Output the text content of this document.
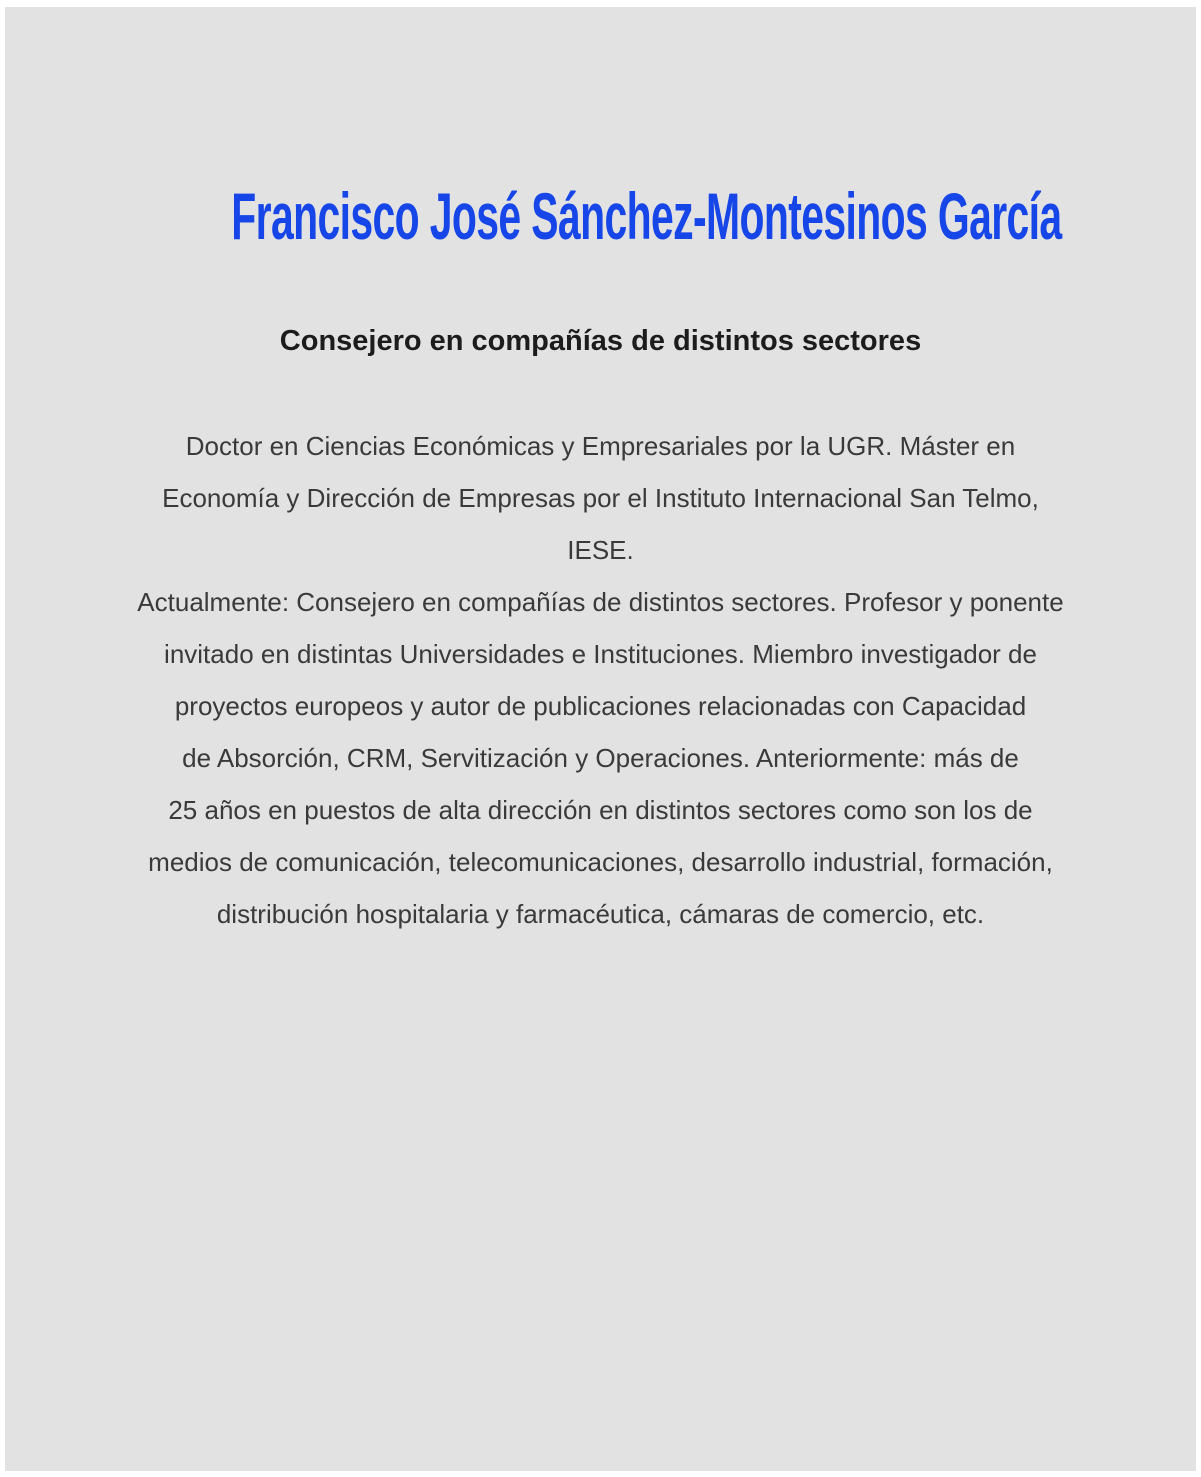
Francisco José Sánchez-Montesinos García
Consejero en compañías de distintos sectores

Doctor en Ciencias Económicas y Empresariales por la UGR. Máster en

Economía y Dirección de Empresas por el Instituto Internacional San Telmo,

IESE.

Actualmente: Consejero en compañías de distintos sectores. Profesor y ponente

invitado en distintas Universidades e Instituciones. Miembro investigador de

proyectos europeos y autor de publicaciones relacionadas con Capacidad

de Absorción, CRM, Servitización y Operaciones. Anteriormente: más de

25 años en puestos de alta dirección en distintos sectores como son los de

medios de comunicación, telecomunicaciones, desarrollo industrial, formación,

distribución hospitalaria y farmacéutica, cámaras de comercio, etc.
